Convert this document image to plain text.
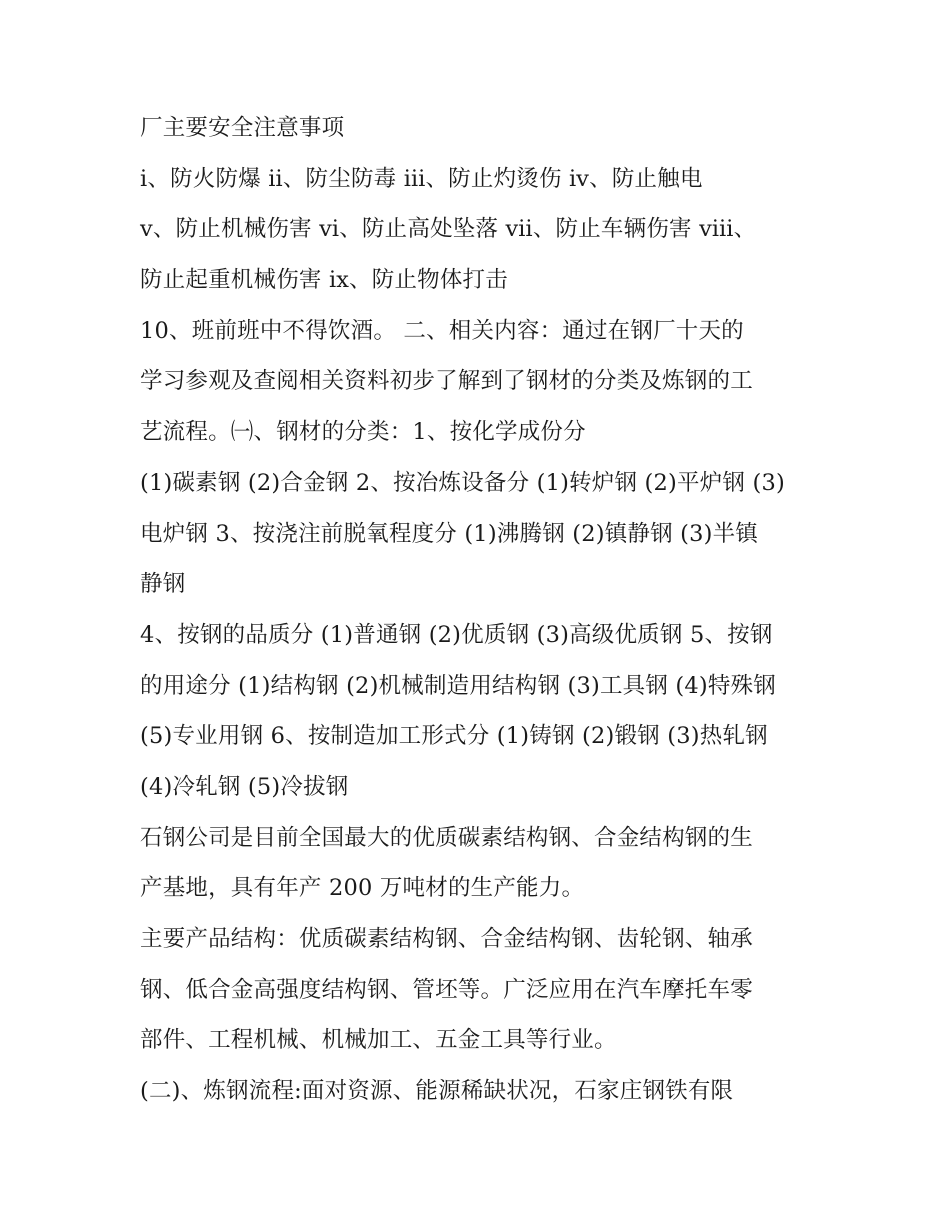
厂主要安全注意事项
ⅰ、防火防爆 ⅱ、防尘防毒 ⅲ、防止灼烫伤 ⅳ、防止触电
ⅴ、防止机械伤害 ⅵ、防止高处坠落 ⅶ、防止车辆伤害 ⅷ、
防止起重机械伤害 ⅸ、防止物体打击
10、班前班中不得饮酒。 二、相关内容：通过在钢厂十天的
学习参观及查阅相关资料初步了解到了钢材的分类及炼钢的工
艺流程。㈠、钢材的分类：1、按化学成份分
(1)碳素钢 (2)合金钢 2、按冶炼设备分 (1)转炉钢 (2)平炉钢 (3)
电炉钢 3、按浇注前脱氧程度分 (1)沸腾钢 (2)镇静钢 (3)半镇
静钢
4、按钢的品质分 (1)普通钢 (2)优质钢 (3)高级优质钢 5、按钢
的用途分 (1)结构钢 (2)机械制造用结构钢 (3)工具钢 (4)特殊钢
(5)专业用钢 6、按制造加工形式分 (1)铸钢 (2)锻钢 (3)热轧钢
(4)冷轧钢 (5)冷拔钢
石钢公司是目前全国最大的优质碳素结构钢、合金结构钢的生
产基地，具有年产 200 万吨材的生产能力。
主要产品结构：优质碳素结构钢、合金结构钢、齿轮钢、轴承
钢、低合金高强度结构钢、管坯等。广泛应用在汽车摩托车零
部件、工程机械、机械加工、五金工具等行业。
(二)、炼钢流程:面对资源、能源稀缺状况，石家庄钢铁有限
